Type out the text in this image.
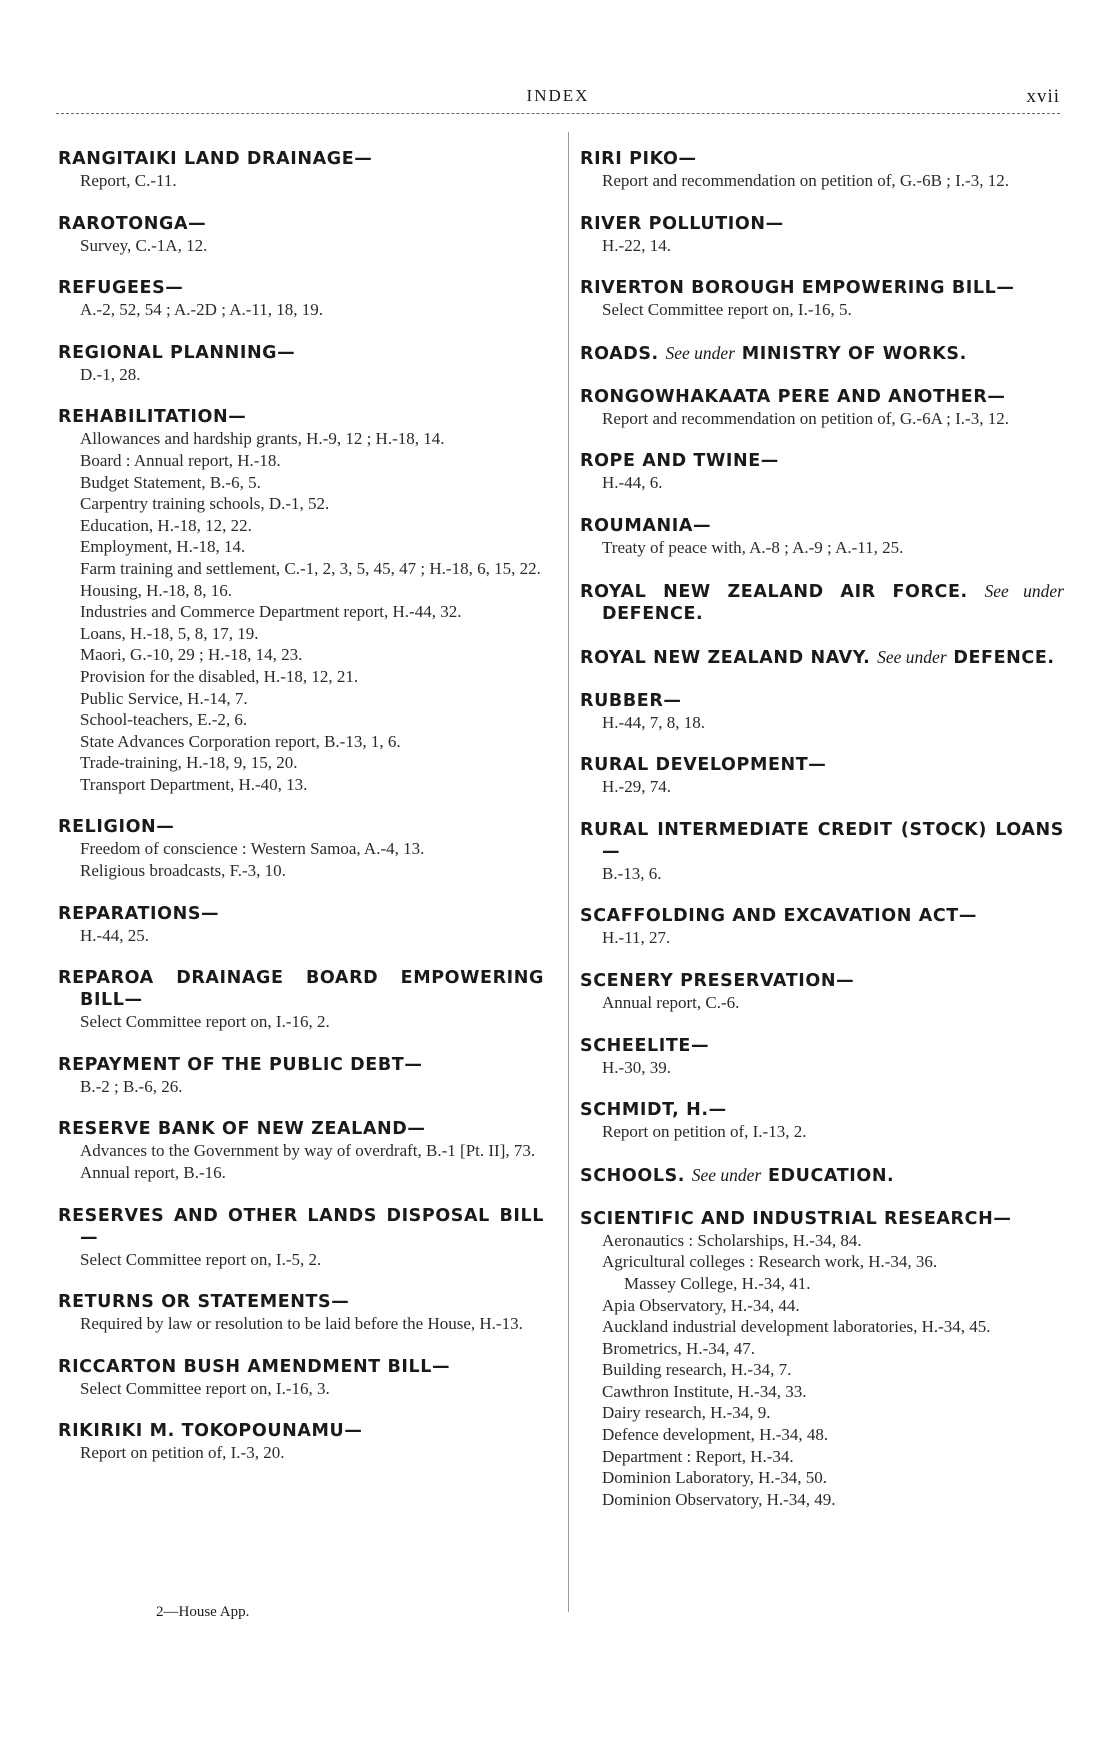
INDEX	xvii
RANGITAIKI LAND DRAINAGE—
Report, C.-11.
RAROTONGA—
Survey, C.-1A, 12.
REFUGEES—
A.-2, 52, 54 ; A.-2D ; A.-11, 18, 19.
REGIONAL PLANNING—
D.-1, 28.
REHABILITATION—
Allowances and hardship grants, H.-9, 12 ; H.-18, 14.
Board : Annual report, H.-18.
Budget Statement, B.-6, 5.
Carpentry training schools, D.-1, 52.
Education, H.-18, 12, 22.
Employment, H.-18, 14.
Farm training and settlement, C.-1, 2, 3, 5, 45, 47 ; H.-18, 6, 15, 22.
Housing, H.-18, 8, 16.
Industries and Commerce Department report, H.-44, 32.
Loans, H.-18, 5, 8, 17, 19.
Maori, G.-10, 29 ; H.-18, 14, 23.
Provision for the disabled, H.-18, 12, 21.
Public Service, H.-14, 7.
School-teachers, E.-2, 6.
State Advances Corporation report, B.-13, 1, 6.
Trade-training, H.-18, 9, 15, 20.
Transport Department, H.-40, 13.
RELIGION—
Freedom of conscience : Western Samoa, A.-4, 13.
Religious broadcasts, F.-3, 10.
REPARATIONS—
H.-44, 25.
REPAROA DRAINAGE BOARD EMPOWERING BILL—
Select Committee report on, I.-16, 2.
REPAYMENT OF THE PUBLIC DEBT—
B.-2 ; B.-6, 26.
RESERVE BANK OF NEW ZEALAND—
Advances to the Government by way of overdraft, B.-1 [Pt. II], 73.
Annual report, B.-16.
RESERVES AND OTHER LANDS DISPOSAL BILL—
Select Committee report on, I.-5, 2.
RETURNS OR STATEMENTS—
Required by law or resolution to be laid before the House, H.-13.
RICCARTON BUSH AMENDMENT BILL—
Select Committee report on, I.-16, 3.
RIKIRIKI M. TOKOPOUNAMU—
Report on petition of, I.-3, 20.
RIRI PIKO—
Report and recommendation on petition of, G.-6B ; I.-3, 12.
RIVER POLLUTION—
H.-22, 14.
RIVERTON BOROUGH EMPOWERING BILL—
Select Committee report on, I.-16, 5.
ROADS. See under MINISTRY OF WORKS.
RONGOWHAKAATA PERE AND ANOTHER—
Report and recommendation on petition of, G.-6A ; I.-3, 12.
ROPE AND TWINE—
H.-44, 6.
ROUMANIA—
Treaty of peace with, A.-8 ; A.-9 ; A.-11, 25.
ROYAL NEW ZEALAND AIR FORCE. See under DEFENCE.
ROYAL NEW ZEALAND NAVY. See under DEFENCE.
RUBBER—
H.-44, 7, 8, 18.
RURAL DEVELOPMENT—
H.-29, 74.
RURAL INTERMEDIATE CREDIT (STOCK) LOANS—
B.-13, 6.
SCAFFOLDING AND EXCAVATION ACT—
H.-11, 27.
SCENERY PRESERVATION—
Annual report, C.-6.
SCHEELITE—
H.-30, 39.
SCHMIDT, H.—
Report on petition of, I.-13, 2.
SCHOOLS. See under EDUCATION.
SCIENTIFIC AND INDUSTRIAL RESEARCH—
Aeronautics : Scholarships, H.-34, 84.
Agricultural colleges : Research work, H.-34, 36.
Massey College, H.-34, 41.
Apia Observatory, H.-34, 44.
Auckland industrial development laboratories, H.-34, 45.
Brometrics, H.-34, 47.
Building research, H.-34, 7.
Cawthron Institute, H.-34, 33.
Dairy research, H.-34, 9.
Defence development, H.-34, 48.
Department : Report, H.-34.
Dominion Laboratory, H.-34, 50.
Dominion Observatory, H.-34, 49.
2—House App.
